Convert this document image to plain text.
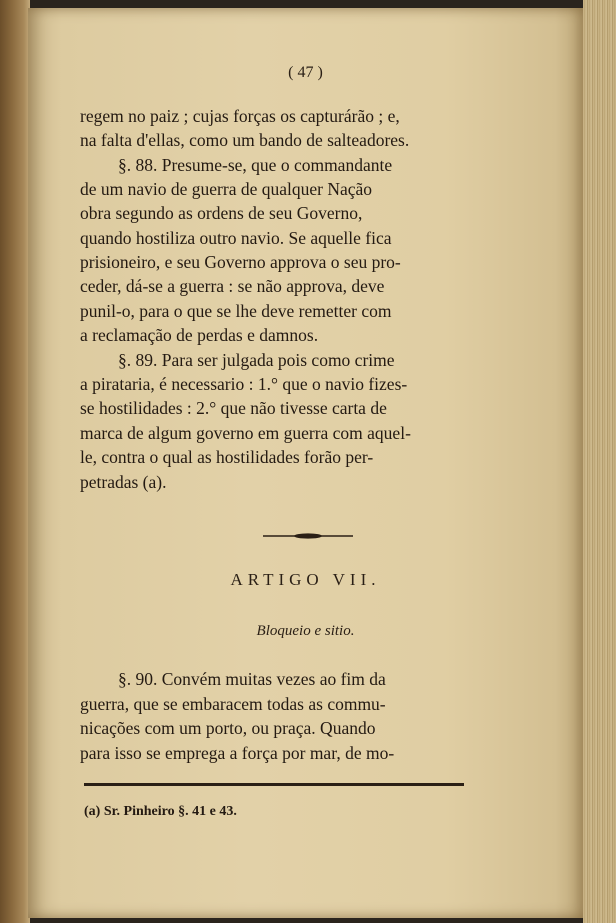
( 47 )
regem no paiz ; cujas forças os capturárão ; e,
na falta d'ellas, como um bando de salteadores.
§. 88. Presume-se, que o commandante
de um navio de guerra de qualquer Nação
obra segundo as ordens de seu Governo,
quando hostiliza outro navio. Se aquelle fica
prisioneiro, e seu Governo approva o seu pro-
ceder, dá-se a guerra : se não approva, deve
punil-o, para o que se lhe deve remetter com
a reclamação de perdas e damnos.
§. 89. Para ser julgada pois como crime
a pirataria, é necessario : 1.° que o navio fizes-
se hostilidades : 2.° que não tivesse carta de
marca de algum governo em guerra com aquel-
le, contra o qual as hostilidades forão per-
petradas (a).
ARTIGO VII.
Bloqueio e sitio.
§. 90. Convém muitas vezes ao fim da
guerra, que se embaracem todas as commu-
nicações com um porto, ou praça. Quando
para isso se emprega a força por mar, de mo-
(a) Sr. Pinheiro §. 41 e 43.
